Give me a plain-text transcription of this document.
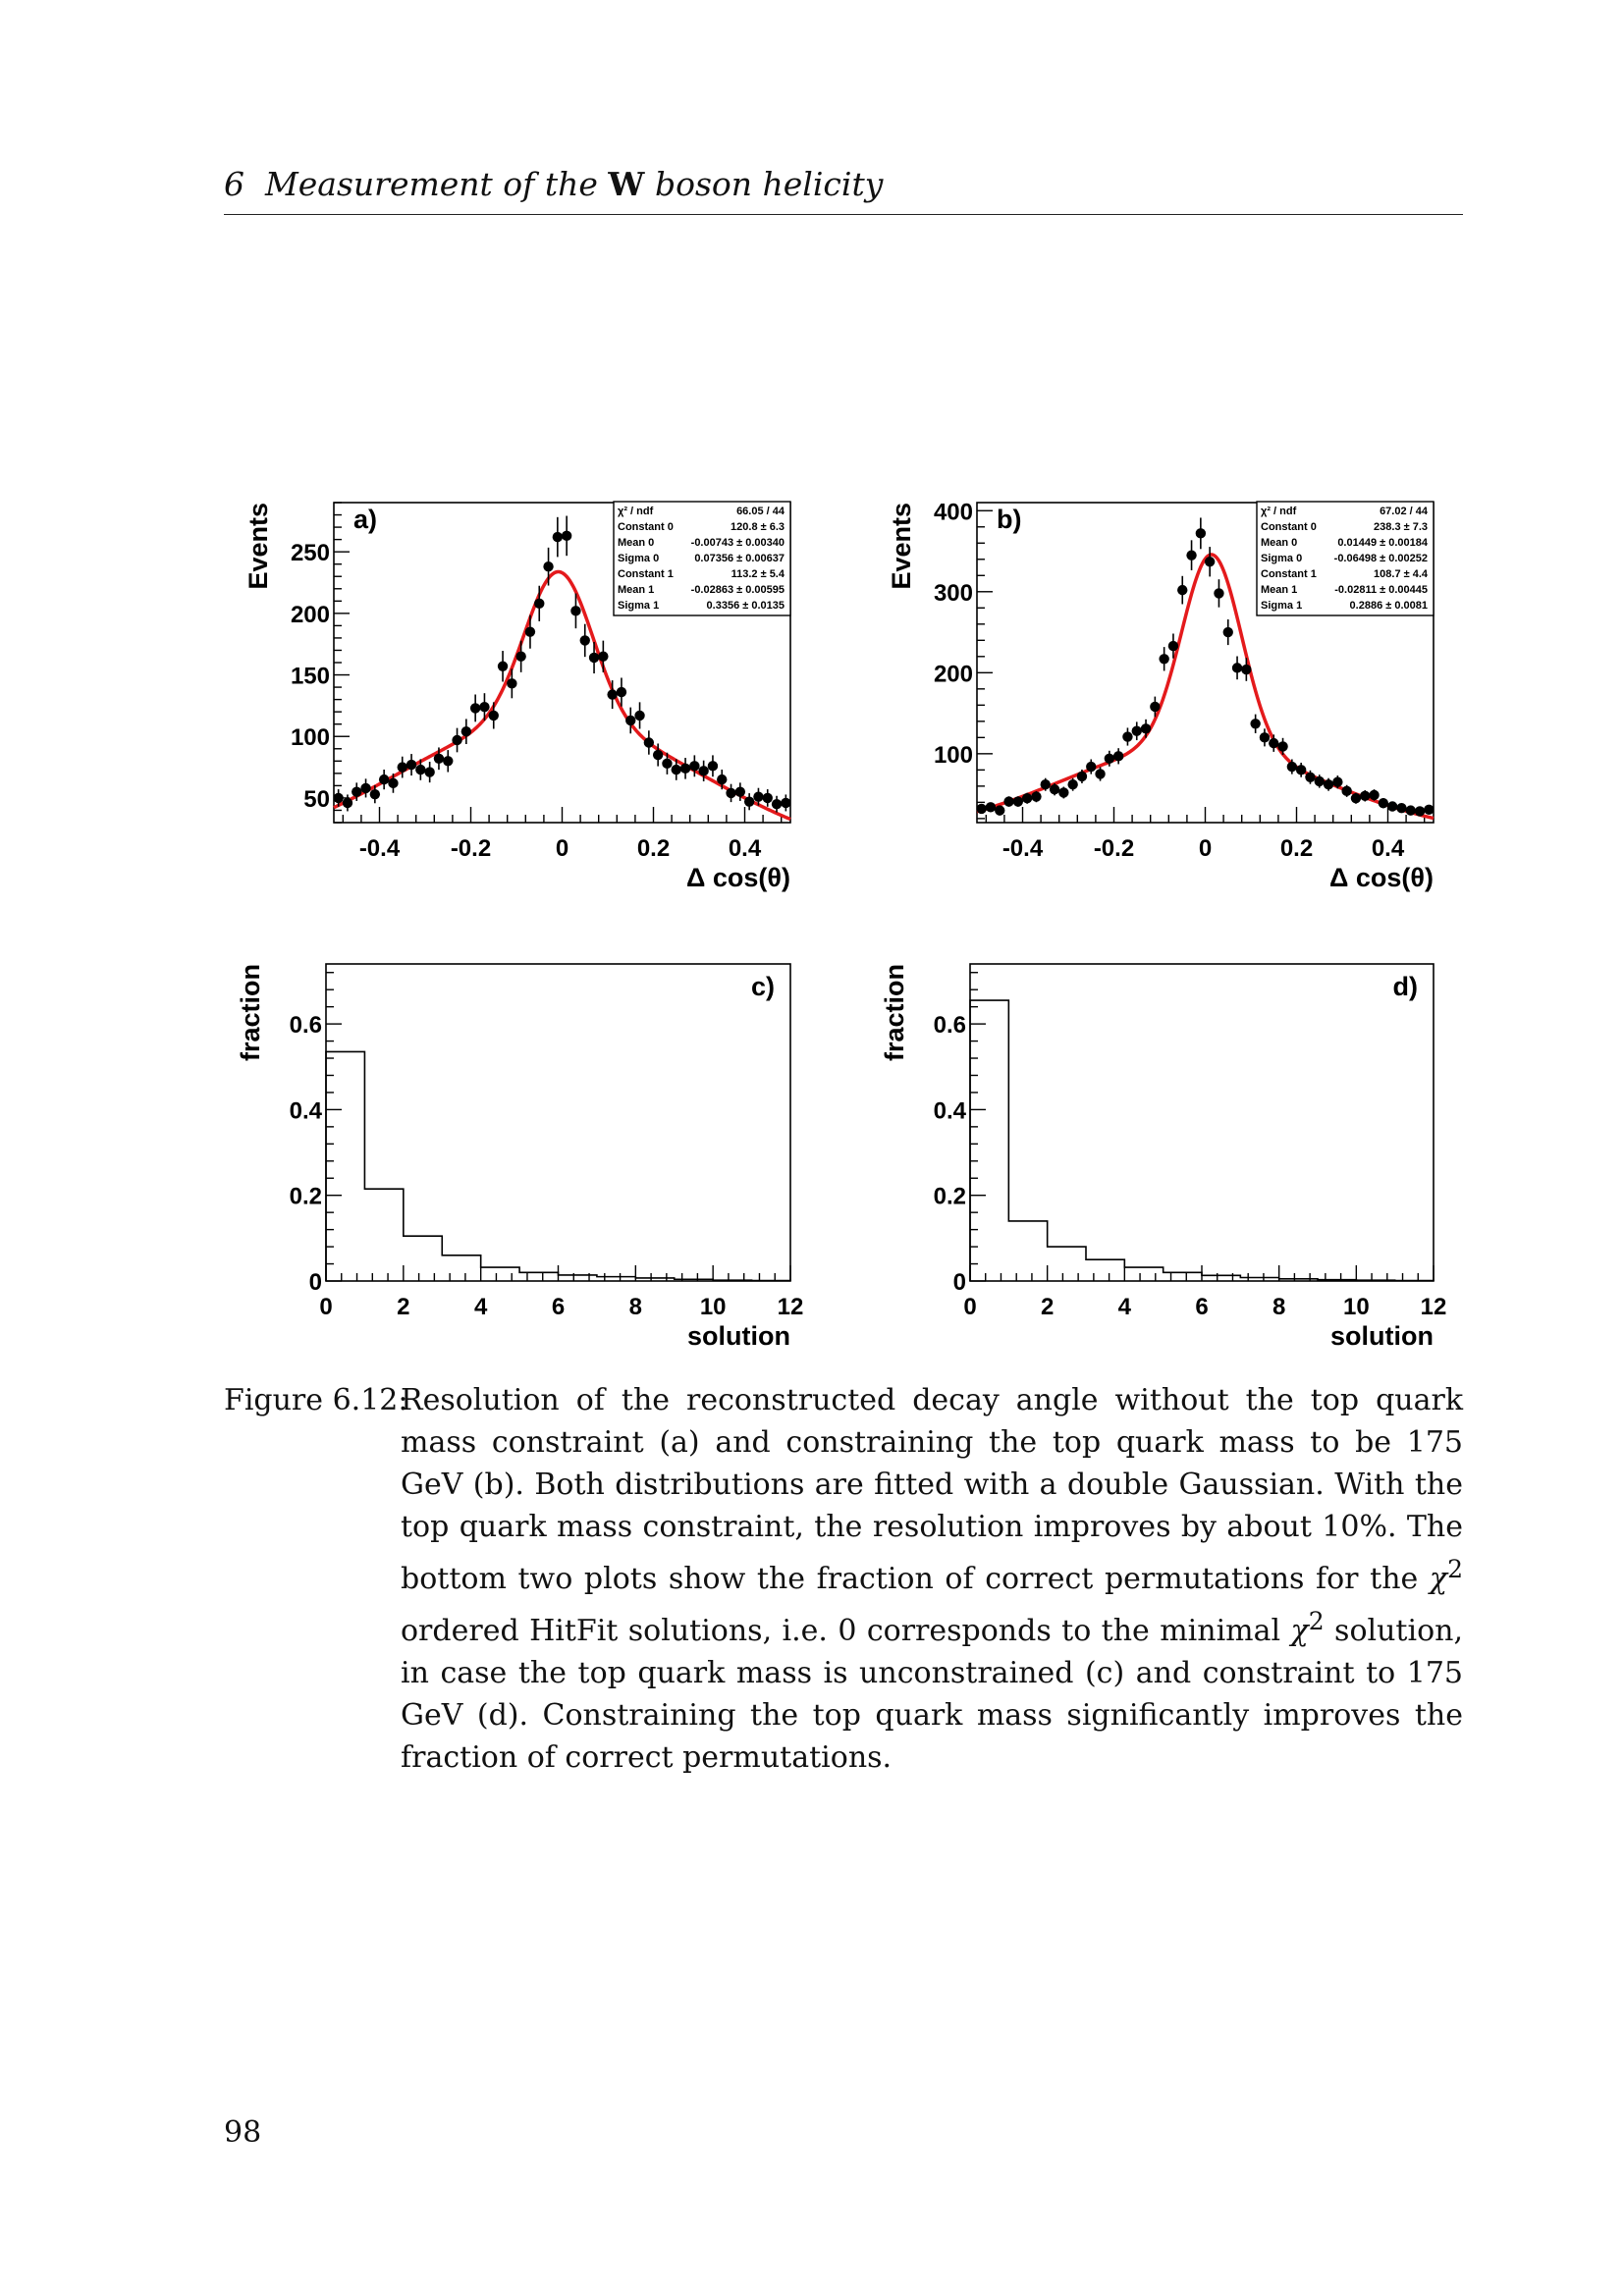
6 Measurement of the W boson helicity
-0.4 -0.2	0	0.2 0.4
50
100
150
200
250
Δ cos(θ)
Events	a)	χ² / ndf	66.05 / 44
Constant 0	120.8 ± 6.3
Mean 0	-0.00743 ± 0.00340
Sigma 0	0.07356 ± 0.00637
Constant 1	113.2 ± 5.4
Mean 1	-0.02863 ± 0.00595
Sigma 1	0.3356 ± 0.0135
-0.4 -0.2	0	0.2 0.4
100
200
300
400
Δ cos(θ)
Events	b)	χ² / ndf	67.02 / 44
Constant 0	238.3 ± 7.3
Mean 0	0.01449 ± 0.00184
Sigma 0	-0.06498 ± 0.00252
Constant 1	108.7 ± 4.4
Mean 1	-0.02811 ± 0.00445
Sigma 1	0.2886 ± 0.0081
0	2	4	6	8 10 12
0
0.2
0.4
0.6
solution
fraction	c)
0	2	4	6	8 10 12
0
0.2
0.4
0.6
solution
fraction	d)
Figure 6.12:
Resolution of the reconstructed decay angle without the top quark mass constraint (a) and constraining the top quark mass to be 175 GeV (b). Both distributions are fitted with a double Gaussian. With the top quark mass constraint, the resolution improves by about 10%. The bottom two plots show the fraction of correct permutations for the $\chi^2$ ordered HitFit solutions, i.e. 0 corresponds to the minimal $\chi^2$ solution, in case the top quark mass is unconstrained (c) and constraint to 175 GeV (d). Constraining the top quark mass significantly improves the fraction of correct permutations.
98
